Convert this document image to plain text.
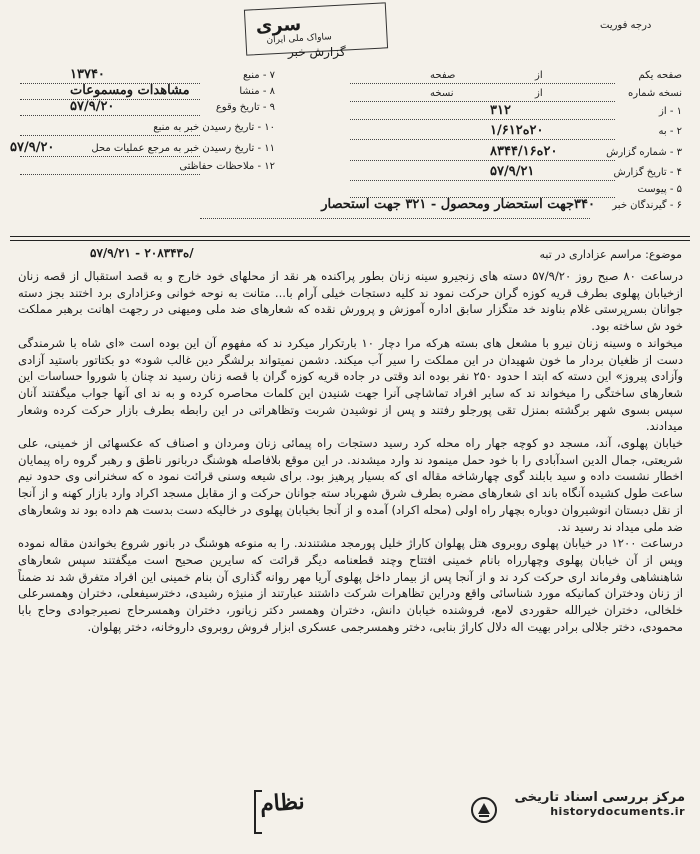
سری
ساواک ملی ایران
گزارش خبر
درجه فوریت
۷ - منبع
۱۳۷۴۰
۸ - منشا
مشاهدات ومسموعات
۹ - تاریخ وقوع
۵۷/۹/۲۰
۱۰ - تاریخ رسیدن خبر به منبع
۱۱ - تاریخ رسیدن خبر به مرجع عملیات محل
۵۷/۹/۲۰
۱۲ - ملاحظات حفاظتی
صفحه یکم
از
صفحه
نسخه شماره
از
نسخه
۱ - از
۳۱۲
۲ - به
۲۰ه۱/۶۱۲
۳ - شماره گزارش
۲۰ه۸۳۴۴/۱۶
۴ - تاریخ گزارش
۵۷/۹/۲۱
۵ - پیوست
۶ - گیرندگان خبر
۳۴۰جهت استحضار ومحصول - ۳۲۱ جهت استحصار
موضوع: مراسم عزاداری در تبه
۵۷/۹/۲۱ - ۲۰ه۸۳۴۳/

درساعت ۸۰ صبح روز ۵۷/۹/۲۰ دسته های زنجیرو سینه زنان بطور پراکنده هر نقد از محلهای خود خارج و به قصد استقبال از قصه زنان ازخیابان پهلوی بطرف قریه کوزه گران حرکت نمود ند کلیه دستجات خیلی آرام با... متانت به نوحه خوانی وعزاداری برد اختند بجز دسته جوانان بسرپرستی غلام بناوند خد متگزار سابق اداره آموزش و پرورش نقده که شعارهای ضد ملی ومیهنی در رجهت اهانت برهبر مملکت خود ش ساخته بود.

میخواند ه وسینه زنان نیرو با مشعل های بسته هرکه مرا دچار ۱۰ بارتکرار میکرد ند که مفهوم آن این بوده است «ای شاه با شرمندگی دست از ظغیان بردار ما خون شهیدان در این مملکت را سیر آب میکند. دشمن نمیتواند برلشگر دین غالب شود» دو بکتاتور باستید آزادی وآزادی پیروز» این دسته که ابتد ا حدود ۲۵۰ نفر بوده اند وقتی در جاده قریه کوزه گران با قصه زنان رسید ند چنان با شوروا حساسات این شعارهای ساختگی را میخواند ند که سایر افراد تماشاچی آنرا جهت شنیدن این کلمات محاصره کرده و به ند ای آنها جواب میگفتند آنان سپس بسوی شهر برگشته بمنزل تقی پورجلو رفتند و پس از نوشیدن شربت وتظاهراتی در این رابطه بطرف بازار حرکت کرده وشعار میدادند.

خیابان پهلوی، آند، مسجد دو کوچه جهار راه محله کرد رسید دستجات راه پیمائی زنان ومردان و اصناف که عکسهائی از خمینی، علی شریعتی، جمال الدین اسدآبادی را با خود حمل مینمود ند وارد میشدند. در این موقع بلافاصله هوشنگ دربانور ناطق و رهبر گروه راه پیمایان اخطار نشست داده و سید بابلند گوی چهارشاخه مقاله ای که بسیار پرهیز بود. برای شیعه وسنی قرائت نمود ه که سخنرانی وی حدود نیم ساعت طول کشیده آنگاه باند ای شعارهای مضره بطرف شرق شهرباد سته جوانان حرکت و از مقابل مسجد اکراد وارد بازار کهنه و از آنجا از نقل دبستان انوشیروان دوباره بچهار راه اولی (محله اکراد) آمده و از آنجا بخیابان پهلوی در خالیکه دست بدست هم داده بود ند وشعارهای ضد ملی میداد ند رسید ند.

درساعت ۱۲۰۰ در خیابان پهلوی روبروی هتل پهلوان کاراژ خلیل پورمجد مشتندند. را به منوعه هوشنگ در بانور شروع بخواندن مقاله نموده وپس از آن خیابان پهلوی وچهارراه بانام خمینی افتتاح وچند قطعنامه دیگر قرائت که سایرین صحیح است میگفتند سپس شعارهای شاهنشاهی وفرماند اری حرکت کرد ند و از آنجا پس از بیمار داخل پهلوی آریا مهر روانه گذاری آن بنام خمینی این افراد متفرق شد ند ضمناً از زنان ودختران کمانیکه مورد شناسائی واقع ودراین تظاهرات شرکت داشتند عبارتند از منیژه رشیدی، دخترسیفعلی، دختران وهمسرعلی خلخالی، دختران خیرالله حقوردی لامع، فروشنده خیابان دانش، دختران وهمسر دکتر زیانور، دختران وهمسرحاج نصیرجوادی وحاج بابا محمودی، دختر جلالی برادر بهیت اله دلال کاراژ بنابی، دختر وهمسرجمی عسکری ابزار فروش روبروی داروخانه، دختر پهلوان.

نظام	مرکز بررسی اسناد تاریخی
historydocuments.ir
